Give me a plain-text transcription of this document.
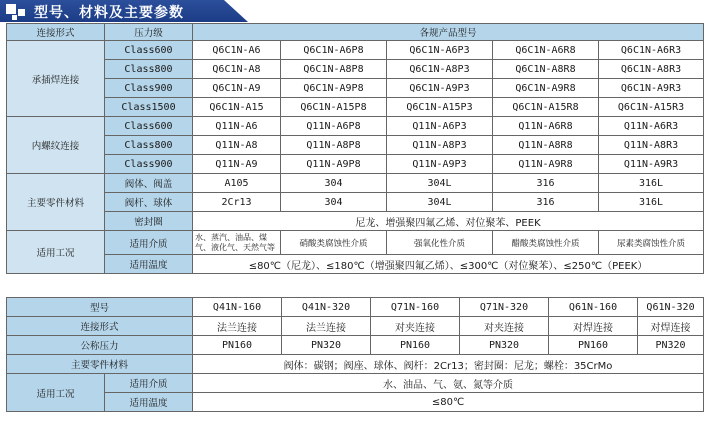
型号、材料及主要参数
连接形式	压力级	各规产品型号				
承插焊连接	Class600	Q6C1N-A6	Q6C1N-A6P8	Q6C1N-A6P3	Q6C1N-A6R8	Q6C1N-A6R3
	Class800	Q6C1N-A8	Q6C1N-A8P8	Q6C1N-A8P3	Q6C1N-A8R8	Q6C1N-A8R3
	Class900	Q6C1N-A9	Q6C1N-A9P8	Q6C1N-A9P3	Q6C1N-A9R8	Q6C1N-A9R3
	Class1500	Q6C1N-A15	Q6C1N-A15P8	Q6C1N-A15P3	Q6C1N-A15R8	Q6C1N-A15R3
内螺纹连接	Class600	Q11N-A6	Q11N-A6P8	Q11N-A6P3	Q11N-A6R8	Q11N-A6R3
	Class800	Q11N-A8	Q11N-A8P8	Q11N-A8P3	Q11N-A8R8	Q11N-A8R3
	Class900	Q11N-A9	Q11N-A9P8	Q11N-A9P3	Q11N-A9R8	Q11N-A9R3
主要零件材料	阀体、阀盖	A105	304	304L	316	316L
	阀杆、球体	2Cr13	304	304L	316	316L
	密封圈	尼龙、增强聚四氟乙烯、对位聚苯、PEEK				
适用工况	适用介质	水、蒸汽、油品、煤气、液化气、天然气等	硝酸类腐蚀性介质	强氧化性介质	醋酸类腐蚀性介质	尿素类腐蚀性介质
	适用温度	≤80℃（尼龙）、≤180℃（增强聚四氟乙烯）、≤300℃（对位聚苯）、≤250℃（PEEK）				
型号		Q41N-160	Q41N-320	Q71N-160	Q71N-320	Q61N-160	Q61N-320
连接形式		法兰连接	法兰连接	对夹连接	对夹连接	对焊连接	对焊连接
公称压力		PN160	PN320	PN160	PN320	PN160	PN320
主要零件材料		阀体：碳钢；阀座、球体、阀杆：2Cr13；密封圈：尼龙；螺栓：35CrMo					
适用工况	适用介质	水、油品、气、氨、氮等介质					
	适用温度	≤80℃					
